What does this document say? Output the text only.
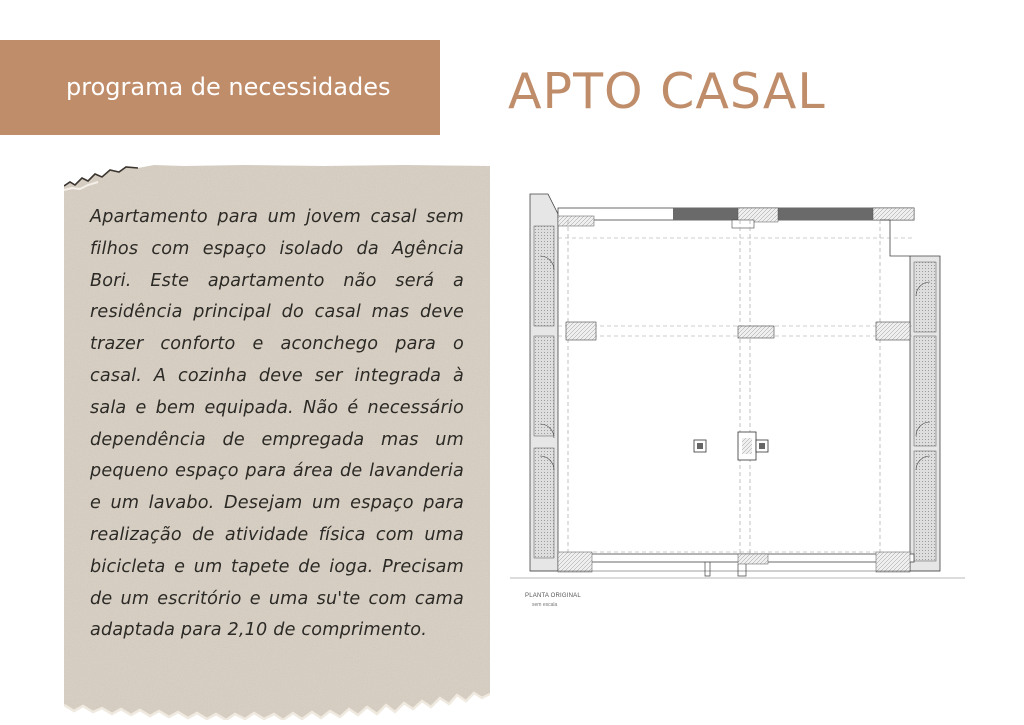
programa de necessidades APTO CASAL
Apartamento para um jovem casal sem filhos com espaço isolado da Agência Bori. Este apartamento não será a residência principal do casal mas deve trazer conforto e aconchego para o casal. A cozinha deve ser integrada à sala e bem equipada. Não é necessário dependência de empregada mas um pequeno espaço para área de lavanderia e um lavabo. Desejam um espaço para realização de atividade física com uma bicicleta e um tapete de ioga. Precisam de um escritório e uma su'te com cama adaptada para 2,10 de comprimento.
PLANTA ORIGINAL
sem escala
